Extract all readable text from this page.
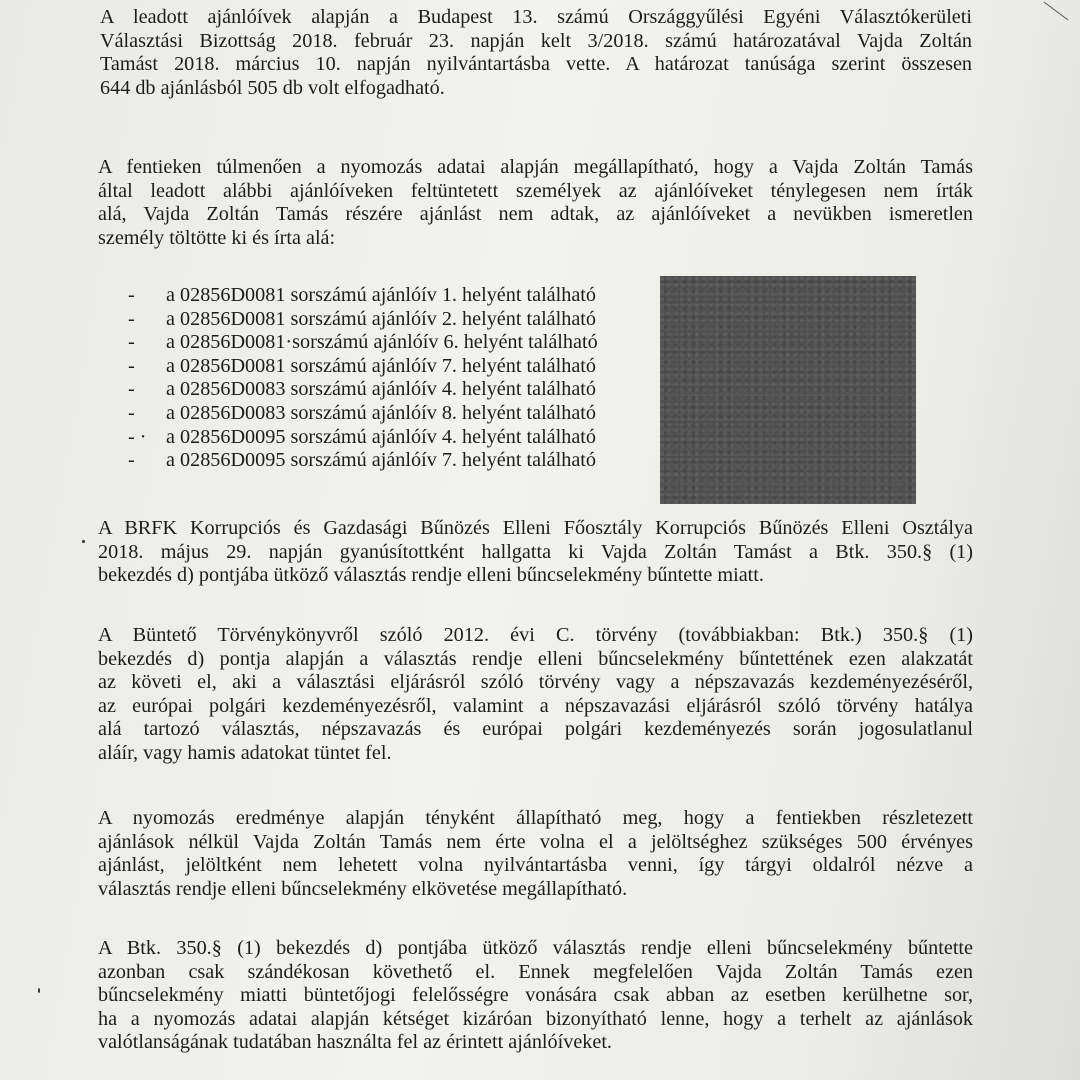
A leadott ajánlóívek alapján a Budapest 13. számú Országgyűlési Egyéni Választókerületi
Választási Bizottság 2018. február 23. napján kelt 3/2018. számú határozatával Vajda Zoltán
Tamást 2018. március 10. napján nyilvántartásba vette. A határozat tanúsága szerint összesen
644 db ajánlásból 505 db volt elfogadható.
A fentieken túlmenően a nyomozás adatai alapján megállapítható, hogy a Vajda Zoltán Tamás
által leadott alábbi ajánlóíveken feltüntetett személyek az ajánlóíveket ténylegesen nem írták
alá, Vajda Zoltán Tamás részére ajánlást nem adtak, az ajánlóíveket a nevükben ismeretlen
személy töltötte ki és írta alá:
- a 02856D0081 sorszámú ajánlóív 1. helyént található
- a 02856D0081 sorszámú ajánlóív 2. helyént található
- a 02856D0081·sorszámú ajánlóív 6. helyént található
- a 02856D0081 sorszámú ajánlóív 7. helyént található
- a 02856D0083 sorszámú ajánlóív 4. helyént található
- a 02856D0083 sorszámú ajánlóív 8. helyént található
- · a 02856D0095 sorszámú ajánlóív 4. helyént található
- a 02856D0095 sorszámú ajánlóív 7. helyént található
A BRFK Korrupciós és Gazdasági Bűnözés Elleni Főosztály Korrupciós Bűnözés Elleni Osztálya
2018. május 29. napján gyanúsítottként hallgatta ki Vajda Zoltán Tamást a Btk. 350.§ (1)
bekezdés d) pontjába ütköző választás rendje elleni bűncselekmény bűntette miatt.
A Büntető Törvénykönyvről szóló 2012. évi C. törvény (továbbiakban: Btk.) 350.§ (1)
bekezdés d) pontja alapján a választás rendje elleni bűncselekmény bűntettének ezen alakzatát
az követi el, aki a választási eljárásról szóló törvény vagy a népszavazás kezdeményezéséről,
az európai polgári kezdeményezésről, valamint a népszavazási eljárásról szóló törvény hatálya
alá tartozó választás, népszavazás és európai polgári kezdeményezés során jogosulatlanul
aláír, vagy hamis adatokat tüntet fel.
A nyomozás eredménye alapján tényként állapítható meg, hogy a fentiekben részletezett
ajánlások nélkül Vajda Zoltán Tamás nem érte volna el a jelöltséghez szükséges 500 érvényes
ajánlást, jelöltként nem lehetett volna nyilvántartásba venni, így tárgyi oldalról nézve a
választás rendje elleni bűncselekmény elkövetése megállapítható.
A Btk. 350.§ (1) bekezdés d) pontjába ütköző választás rendje elleni bűncselekmény bűntette
azonban csak szándékosan követhető el. Ennek megfelelően Vajda Zoltán Tamás ezen
bűncselekmény miatti büntetőjogi felelősségre vonására csak abban az esetben kerülhetne sor,
ha a nyomozás adatai alapján kétséget kizáróan bizonyítható lenne, hogy a terhelt az ajánlások
valótlanságának tudatában használta fel az érintett ajánlóíveket.
